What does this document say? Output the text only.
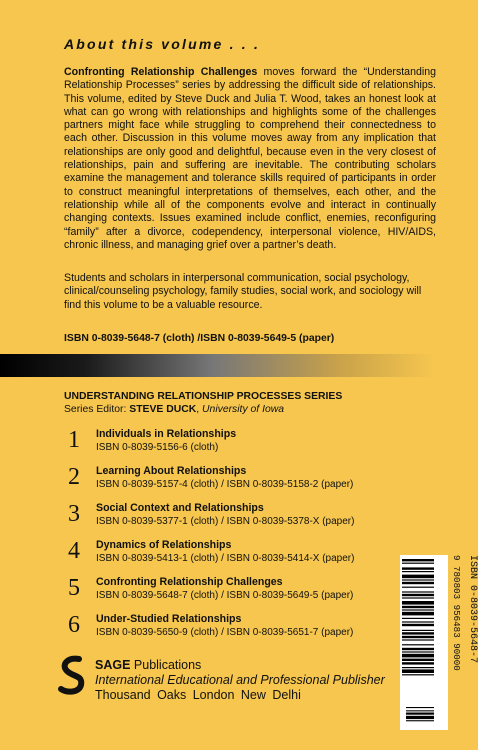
About this volume . . .

Confronting Relationship Challenges moves forward the “Understanding Relationship Processes” series by addressing the difficult side of relationships. This volume, edited by Steve Duck and Julia T. Wood, takes an honest look at what can go wrong with relationships and highlights some of the challenges partners might face while struggling to comprehend their connectedness to each other. Discussion in this volume moves away from any implication that relationships are only good and delightful, because even in the very closest of relationships, pain and suffering are inevitable. The contributing scholars examine the management and tolerance skills required of participants in order to construct meaningful interpretations of themselves, each other, and the relationship while all of the components evolve and interact in continually changing contexts. Issues examined include conflict, enemies, reconfiguring “family” after a divorce, codependency, interpersonal violence, HIV/AIDS, chronic illness, and managing grief over a partner’s death.

Students and scholars in interpersonal communication, social psychology, clinical/counseling psychology, family studies, social work, and sociology will find this volume to be a valuable resource.

ISBN 0-8039-5648-7 (cloth) /ISBN 0-8039-5649-5 (paper)

UNDERSTANDING RELATIONSHIP PROCESSES SERIES

Series Editor: STEVE DUCK, University of Iowa

1 Individuals in Relationships
ISBN 0-8039-5156-6 (cloth)
2 Learning About Relationships
ISBN 0-8039-5157-4 (cloth) / ISBN 0-8039-5158-2 (paper)
3 Social Context and Relationships
ISBN 0-8039-5377-1 (cloth) / ISBN 0-8039-5378-X (paper)
4 Dynamics of Relationships
ISBN 0-8039-5413-1 (cloth) / ISBN 0-8039-5414-X (paper)
5 Confronting Relationship Challenges
ISBN 0-8039-5648-7 (cloth) / ISBN 0-8039-5649-5 (paper)
6 Under-Studied Relationships
ISBN 0-8039-5650-9 (cloth) / ISBN 0-8039-5651-7 (paper)	9 780803 956483 90000 ISBN 0-8039-5648-7

SAGE Publications

International Educational and Professional Publisher

Thousand Oaks London New Delhi
